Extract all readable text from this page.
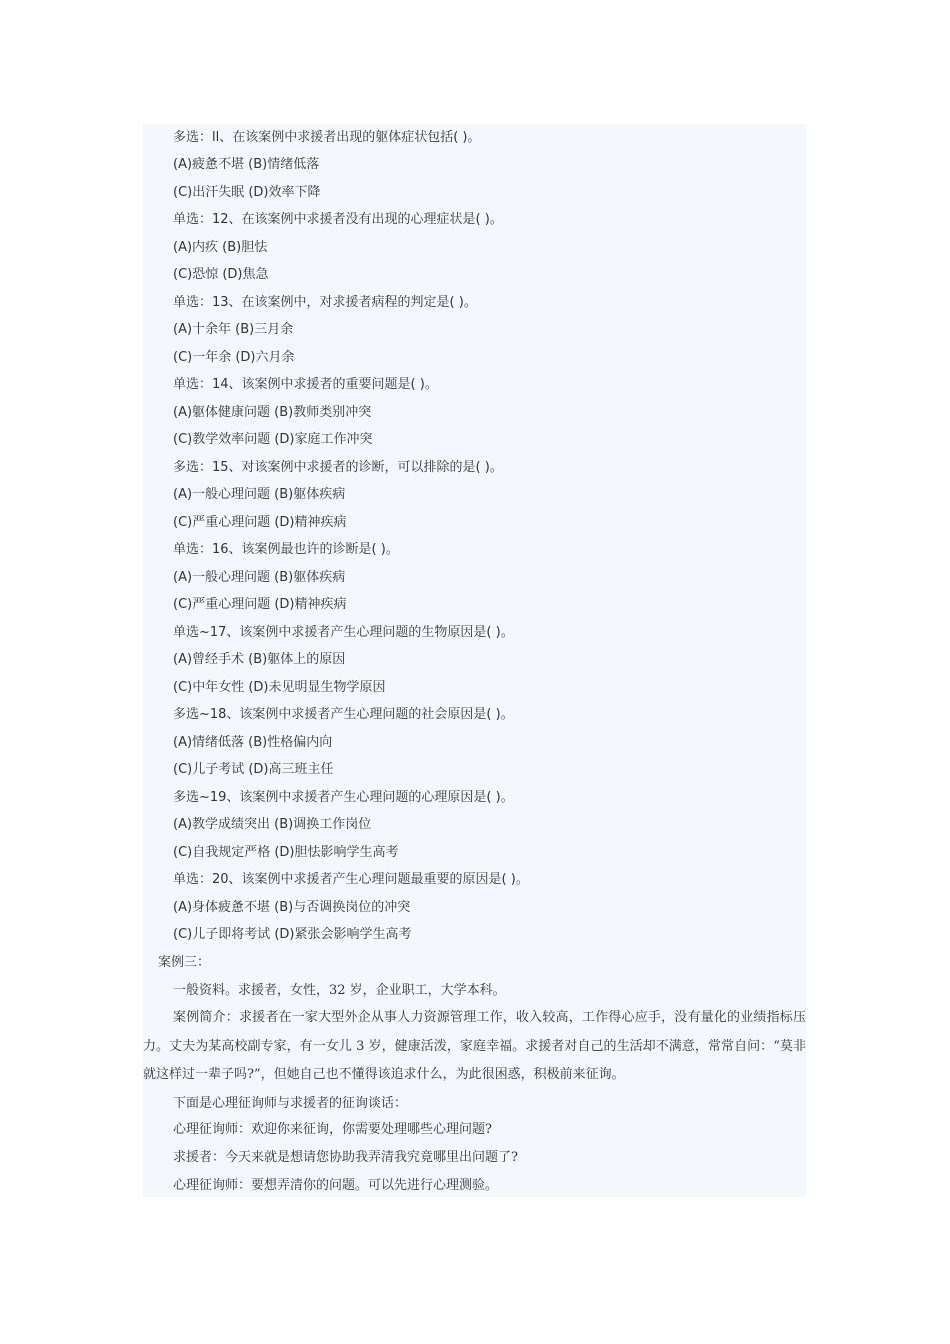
多选：ll、在该案例中求援者出现的躯体症状包括( )。
(A)疲惫不堪 (B)情绪低落
(C)出汗失眠 (D)效率下降
单选：12、在该案例中求援者没有出现的心理症状是( )。
(A)内疚 (B)胆怯
(C)恐惊 (D)焦急
单选：13、在该案例中，对求援者病程的判定是( )。
(A)十余年 (B)三月余
(C)一年余 (D)六月余
单选：14、该案例中求援者的重要问题是( )。
(A)躯体健康问题 (B)教师类别冲突
(C)教学效率问题 (D)家庭工作冲突
多选：15、对该案例中求援者的诊断，可以排除的是( )。
(A)一般心理问题 (B)躯体疾病
(C)严重心理问题 (D)精神疾病
单选：16、该案例最也许的诊断是( )。
(A)一般心理问题 (B)躯体疾病
(C)严重心理问题 (D)精神疾病
单选~17、该案例中求援者产生心理问题的生物原因是( )。
(A)曾经手术 (B)躯体上的原因
(C)中年女性 (D)未见明显生物学原因
多选~18、该案例中求援者产生心理问题的社会原因是( )。
(A)情绪低落 (B)性格偏内向
(C)儿子考试 (D)高三班主任
多选~19、该案例中求援者产生心理问题的心理原因是( )。
(A)教学成绩突出 (B)调换工作岗位
(C)自我规定严格 (D)胆怯影响学生高考
单选：20、该案例中求援者产生心理问题最重要的原因是( )。
(A)身体疲惫不堪 (B)与否调换岗位的冲突
(C)儿子即将考试 (D)紧张会影响学生高考
案例三：
一般资料。求援者，女性，32 岁，企业职工，大学本科。

案例简介：求援者在一家大型外企从事人力资源管理工作，收入较高，工作得心应手，没有量化的业绩指标压力。丈夫为某高校副专家，有一女儿 3 岁，健康活泼，家庭幸福。求援者对自己的生活却不满意，常常自问：“莫非就这样过一辈子吗?”，但她自己也不懂得该追求什么，为此很困惑，积极前来征询。

下面是心理征询师与求援者的征询谈话：
心理征询师：欢迎你来征询，你需要处理哪些心理问题?
求援者：今天来就是想请您协助我弄清我究竟哪里出问题了?
心理征询师：要想弄清你的问题。可以先进行心理测验。
